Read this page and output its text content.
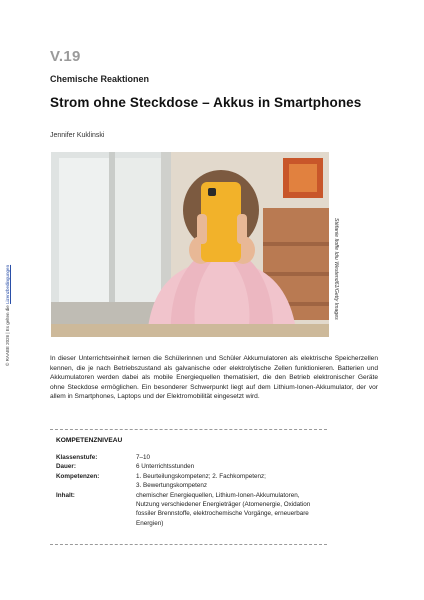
V.19
Chemische Reaktionen
Strom ohne Steckdose – Akkus in Smartphones
Jennifer Kuklinski
© RAABE 2026 | Es gelten die Lizenzbedingungen	Stéfanie Itoffe Idiu Westend61/Getty Images
In dieser Unterrichtseinheit lernen die Schülerinnen und Schüler Akkumulatoren als elektrische Speicherzellen kennen, die je nach Betriebszustand als galvanische oder elektrolytische Zellen funktionieren. Batterien und Akkumulatoren werden dabei als mobile Energiequellen thematisiert, die den Betrieb elektronischer Geräte ohne Steckdose ermöglichen. Ein besonderer Schwerpunkt liegt auf dem Lithium-Ionen-Akkumulator, der vor allem in Smartphones, Laptops und der Elektromobilität eingesetzt wird.
KOMPETENZNIVEAU
Klassenstufe:	7–10
Dauer:	6 Unterrichtsstunden
Kompetenzen:	1. Beurteilungskompetenz; 2. Fachkompetenz;
3. Bewertungskompetenz
Inhalt:	chemischer Energiequellen, Lithium-Ionen-Akkumulatoren,
Nutzung verschiedener Energieträger (Atomenergie, Oxidation
fossiler Brennstoffe, elektrochemische Vorgänge, erneuerbare
Energien)
